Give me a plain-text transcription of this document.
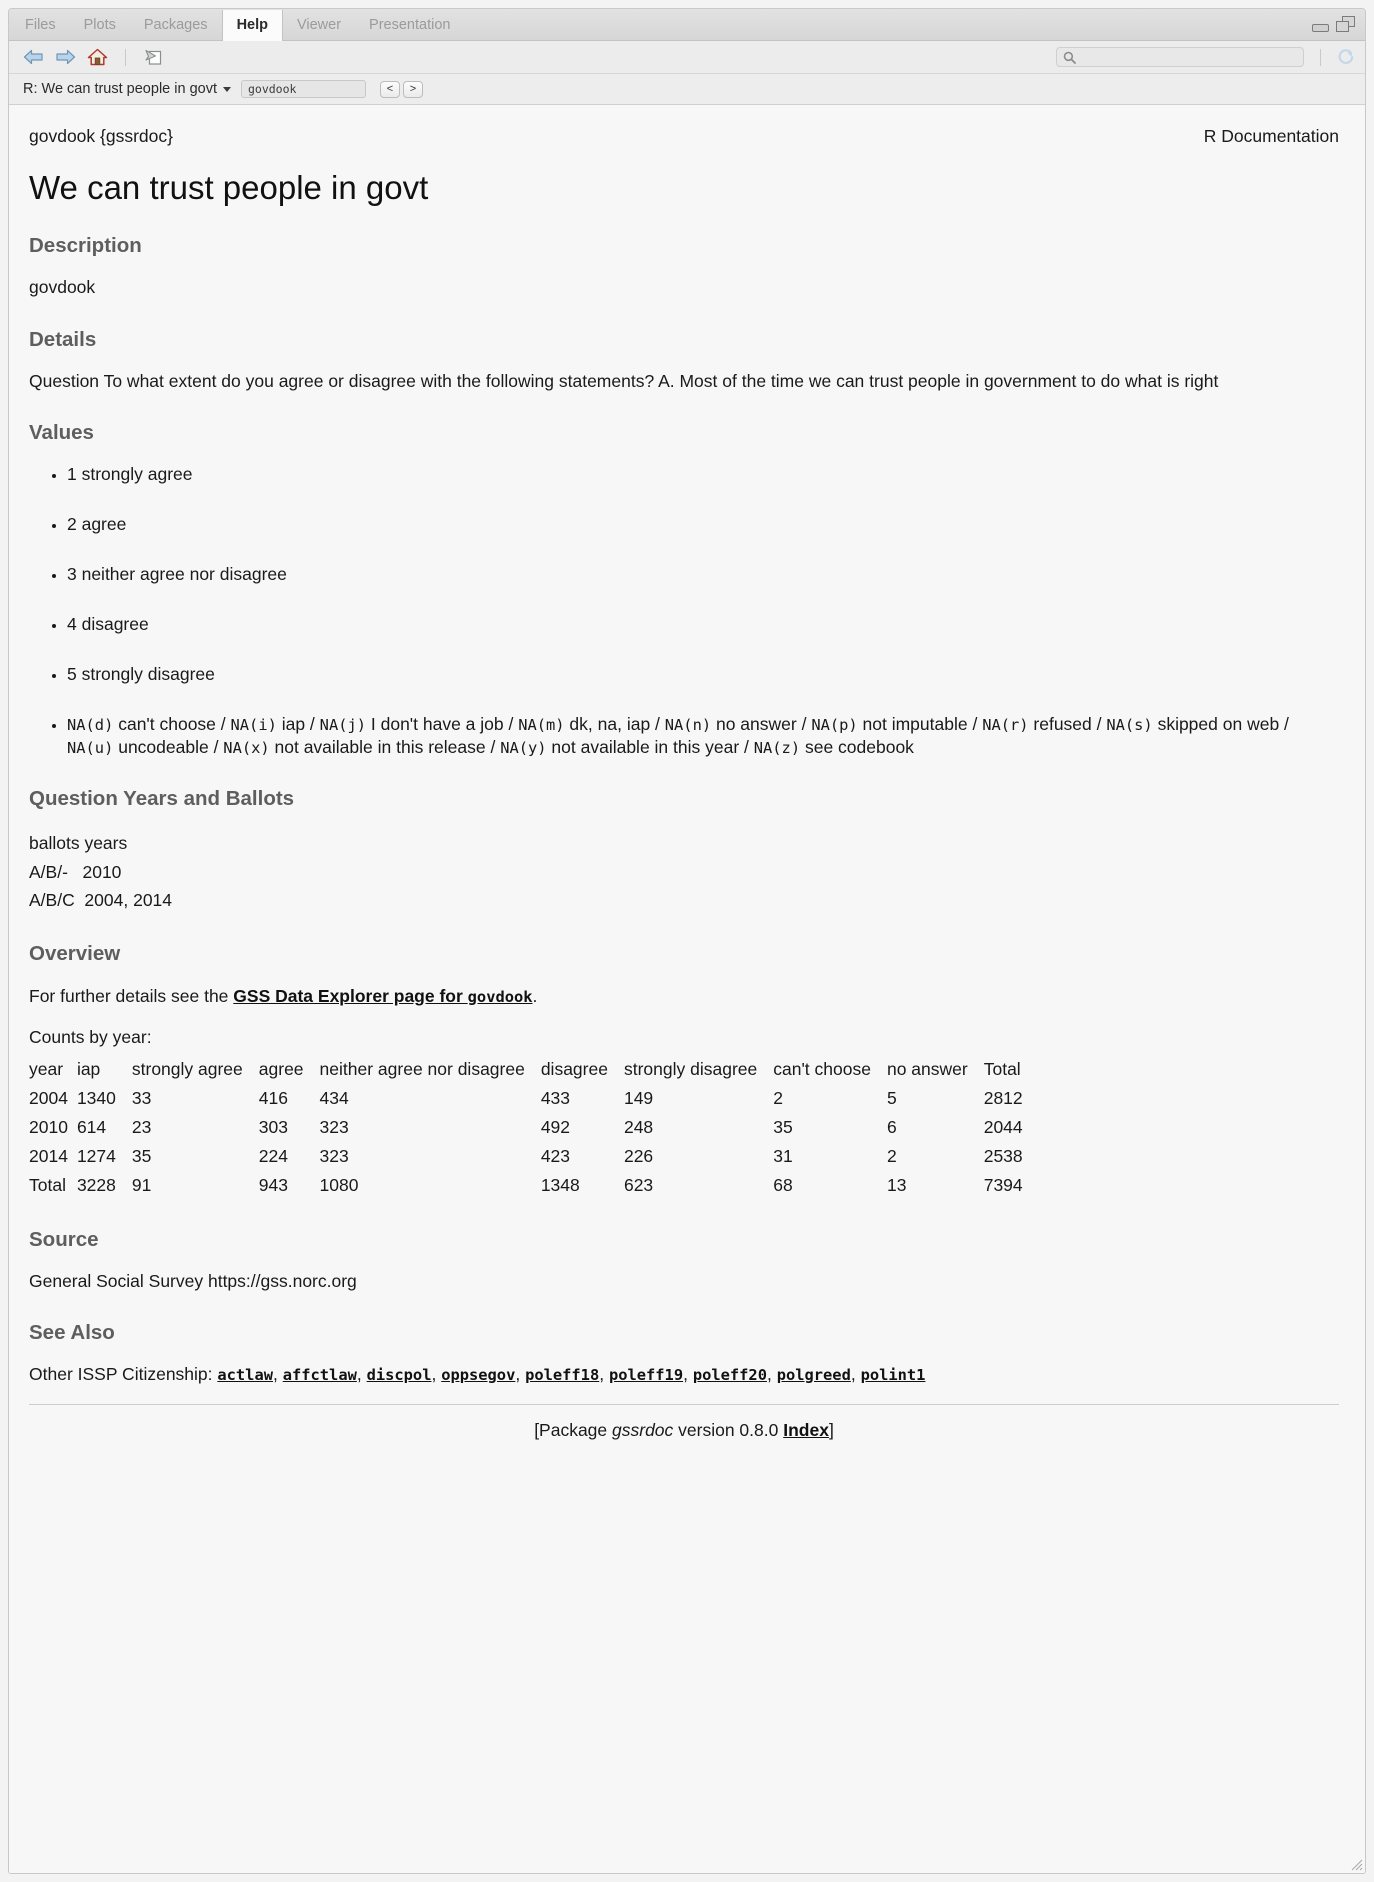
Files	Plots	Packages	Help	Viewer	Presentation
R: We can trust people in govt
govdook	<	>
govdook {gssrdoc}	R Documentation
We can trust people in govt
Description

govdook

Details

Question To what extent do you agree or disagree with the following statements? A. Most of the time we can trust people in government to do what is right

Values
• 1 strongly agree
• 2 agree
• 3 neither agree nor disagree
• 4 disagree
• 5 strongly disagree
• NA(d) can't choose / NA(i) iap / NA(j) I don't have a job / NA(m) dk, na, iap / NA(n) no answer / NA(p) not imputable / NA(r) refused / NA(s) skipped on web / NA(u) uncodeable / NA(x) not available in this release / NA(y) not available in this year / NA(z) see codebook
Question Years and Ballots
ballots years
A/B/-   2010
A/B/C  2004, 2014
Overview

For further details see the GSS Data Explorer page for govdook.

Counts by year:

year	iap	strongly agree	agree	neither agree nor disagree	disagree	strongly disagree	can't choose	no answer	Total
2004	1340	33	416	434	433	149	2	5	2812
2010	614	23	303	323	492	248	35	6	2044
2014	1274	35	224	323	423	226	31	2	2538
Total	3228	91	943	1080	1348	623	68	13	7394
Source

General Social Survey https://gss.norc.org

See Also

Other ISSP Citizenship: actlaw, affctlaw, discpol, oppsegov, poleff18, poleff19, poleff20, polgreed, polint1

[Package gssrdoc version 0.8.0 Index]
